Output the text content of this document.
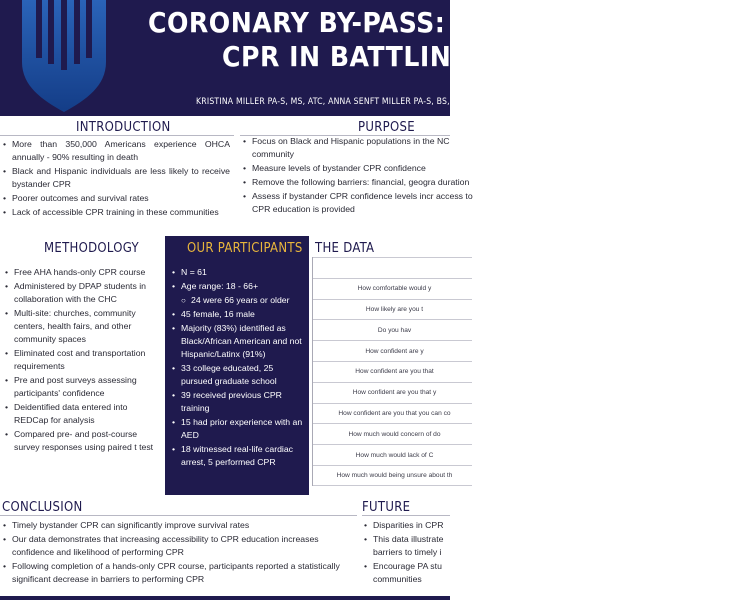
CORONARY BY-PASS: THE
CPR IN BATTLING HE
KRISTINA MILLER PA-S, MS, ATC, ANNA SENFT MILLER PA-S, BS, HEAT
INTRODUCTION
• More than 350,000 Americans experience OHCA annually - 90% resulting in death
• Black and Hispanic individuals are less likely to receive bystander CPR
• Poorer outcomes and survival rates
• Lack of accessible CPR training in these communities
PURPOSE
• Focus on Black and Hispanic populations in the NC community
• Measure levels of bystander CPR confidence
• Remove the following barriers: financial, geogra duration
• Assess if bystander CPR confidence levels incr access to CPR education is provided
METHODOLOGY
• Free AHA hands-only CPR course
• Administered by DPAP students in collaboration with the CHC
• Multi-site: churches, community centers, health fairs, and other community spaces
• Eliminated cost and transportation requirements
• Pre and post surveys assessing participants' confidence
• Deidentified data entered into REDCap for analysis
• Compared pre- and post-course survey responses using paired t test
OUR PARTICIPANTS
• N = 61
• Age range: 18 - 66+
○ 24 were 66 years or older
• 45 female, 16 male
• Majority (83%) identified as Black/African American and not Hispanic/Latinx (91%)
• 33 college educated, 25 pursued graduate school
• 39 received previous CPR training
• 15 had prior experience with an AED
• 18 witnessed real-life cardiac arrest, 5 performed CPR
THE DATA
How comfortable would y
How likely are you t
Do you hav
How confident are y
How confident are you that
How confident are you that y
How confident are you that you can co
How much would concern of do
How much would lack of C
How much would being unsure about th
CONCLUSION
• Timely bystander CPR can significantly improve survival rates
• Our data demonstrates that increasing accessibility to CPR education increases confidence and likelihood of performing CPR
• Following completion of a hands-only CPR course, participants reported a statistically significant decrease in barriers to performing CPR
FUTURE
• Disparities in CPR
• This data illustrate barriers to timely i
• Encourage PA stu communities
